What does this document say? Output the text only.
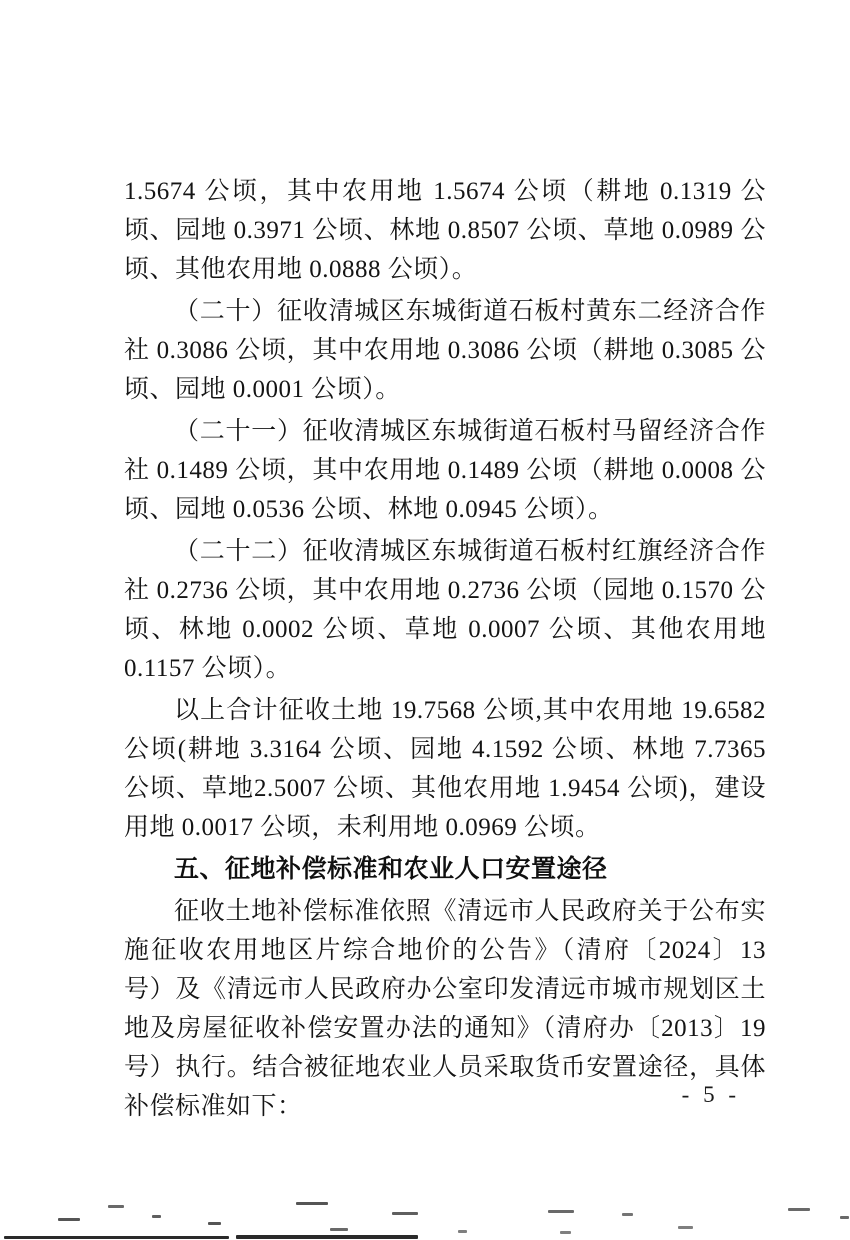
1.5674 公顷，其中农用地 1.5674 公顷（耕地 0.1319 公顷、园地 0.3971 公顷、林地 0.8507 公顷、草地 0.0989 公顷、其他农用地 0.0888 公顷）。

（二十）征收清城区东城街道石板村黄东二经济合作社 0.3086 公顷，其中农用地 0.3086 公顷（耕地 0.3085 公顷、园地 0.0001 公顷）。

（二十一）征收清城区东城街道石板村马留经济合作社 0.1489 公顷，其中农用地 0.1489 公顷（耕地 0.0008 公顷、园地 0.0536 公顷、林地 0.0945 公顷）。

（二十二）征收清城区东城街道石板村红旗经济合作社 0.2736 公顷，其中农用地 0.2736 公顷（园地 0.1570 公顷、林地 0.0002 公顷、草地 0.0007 公顷、其他农用地 0.1157 公顷）。

以上合计征收土地 19.7568 公顷,其中农用地 19.6582 公顷(耕地 3.3164 公顷、园地 4.1592 公顷、林地 7.7365 公顷、草地2.5007 公顷、其他农用地 1.9454 公顷)，建设用地 0.0017 公顷，未利用地 0.0969 公顷。

五、征地补偿标准和农业人口安置途径

征收土地补偿标准依照《清远市人民政府关于公布实施征收农用地区片综合地价的公告》（清府〔2024〕13 号）及《清远市人民政府办公室印发清远市城市规划区土地及房屋征收补偿安置办法的通知》（清府办〔2013〕19 号）执行。结合被征地农业人员采取货币安置途径，具体补偿标准如下：	- 5 -
